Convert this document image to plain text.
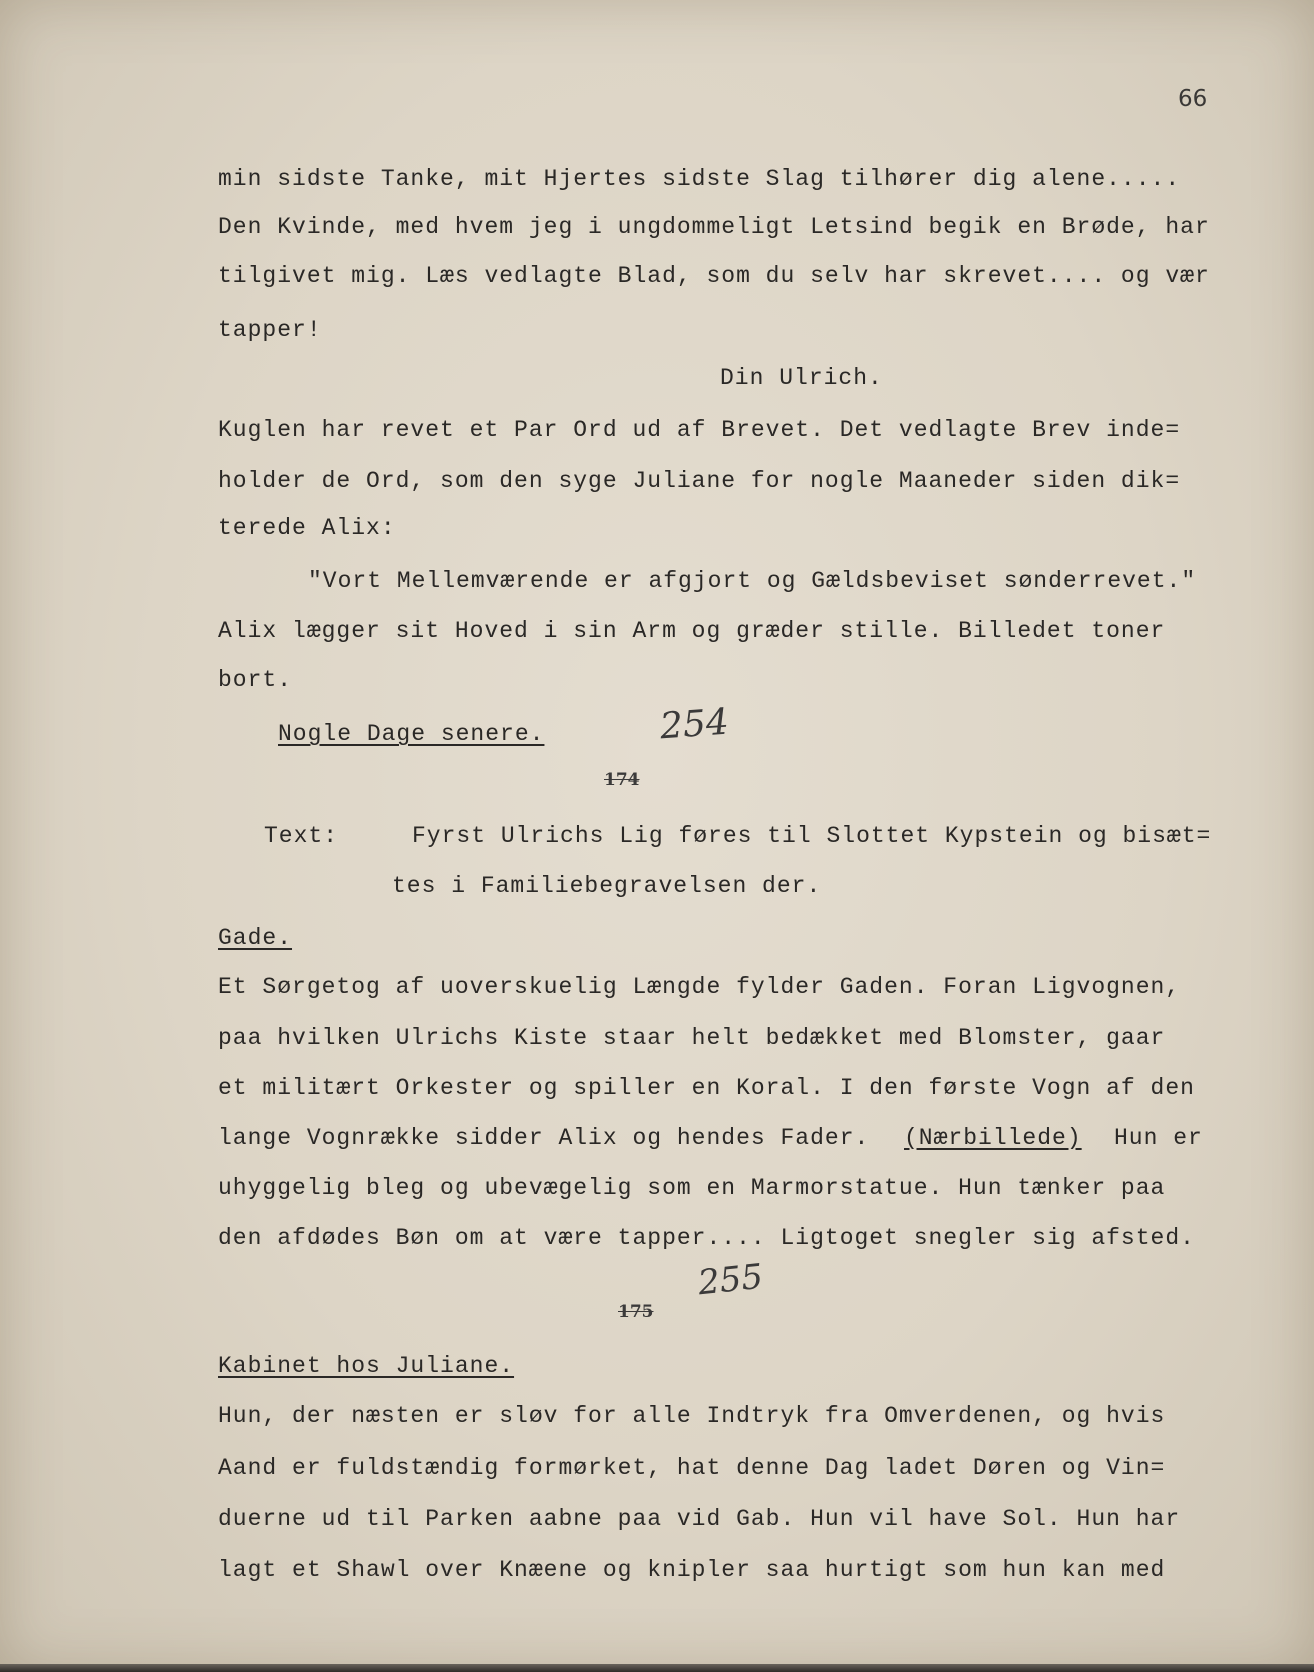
66
min sidste Tanke, mit Hjertes sidste Slag tilhører dig alene.....
Den Kvinde, med hvem jeg i ungdommeligt Letsind begik en Brøde, har
tilgivet mig. Læs vedlagte Blad, som du selv har skrevet.... og vær
tapper!
Din Ulrich.
Kuglen har revet et Par Ord ud af Brevet. Det vedlagte Brev inde=
holder de Ord, som den syge Juliane for nogle Maaneder siden dik=
terede Alix:
"Vort Mellemværende er afgjort og Gældsbeviset sønderrevet."
Alix lægger sit Hoved i sin Arm og græder stille. Billedet toner
bort.
Nogle Dage senere.	254
174
Text:	Fyrst Ulrichs Lig føres til Slottet Kypstein og bisæt=
tes i Familiebegravelsen der.
Gade.
Et Sørgetog af uoverskuelig Længde fylder Gaden. Foran Ligvognen,
paa hvilken Ulrichs Kiste staar helt bedækket med Blomster, gaar
et militært Orkester og spiller en Koral. I den første Vogn af den
lange Vognrække sidder Alix og hendes Fader. (Nærbillede) Hun er
uhyggelig bleg og ubevægelig som en Marmorstatue. Hun tænker paa
den afdødes Bøn om at være tapper.... Ligtoget snegler sig afsted.
255
175
Kabinet hos Juliane.
Hun, der næsten er sløv for alle Indtryk fra Omverdenen, og hvis
Aand er fuldstændig formørket, hat denne Dag ladet Døren og Vin=
duerne ud til Parken aabne paa vid Gab. Hun vil have Sol. Hun har
lagt et Shawl over Knæene og knipler saa hurtigt som hun kan med
